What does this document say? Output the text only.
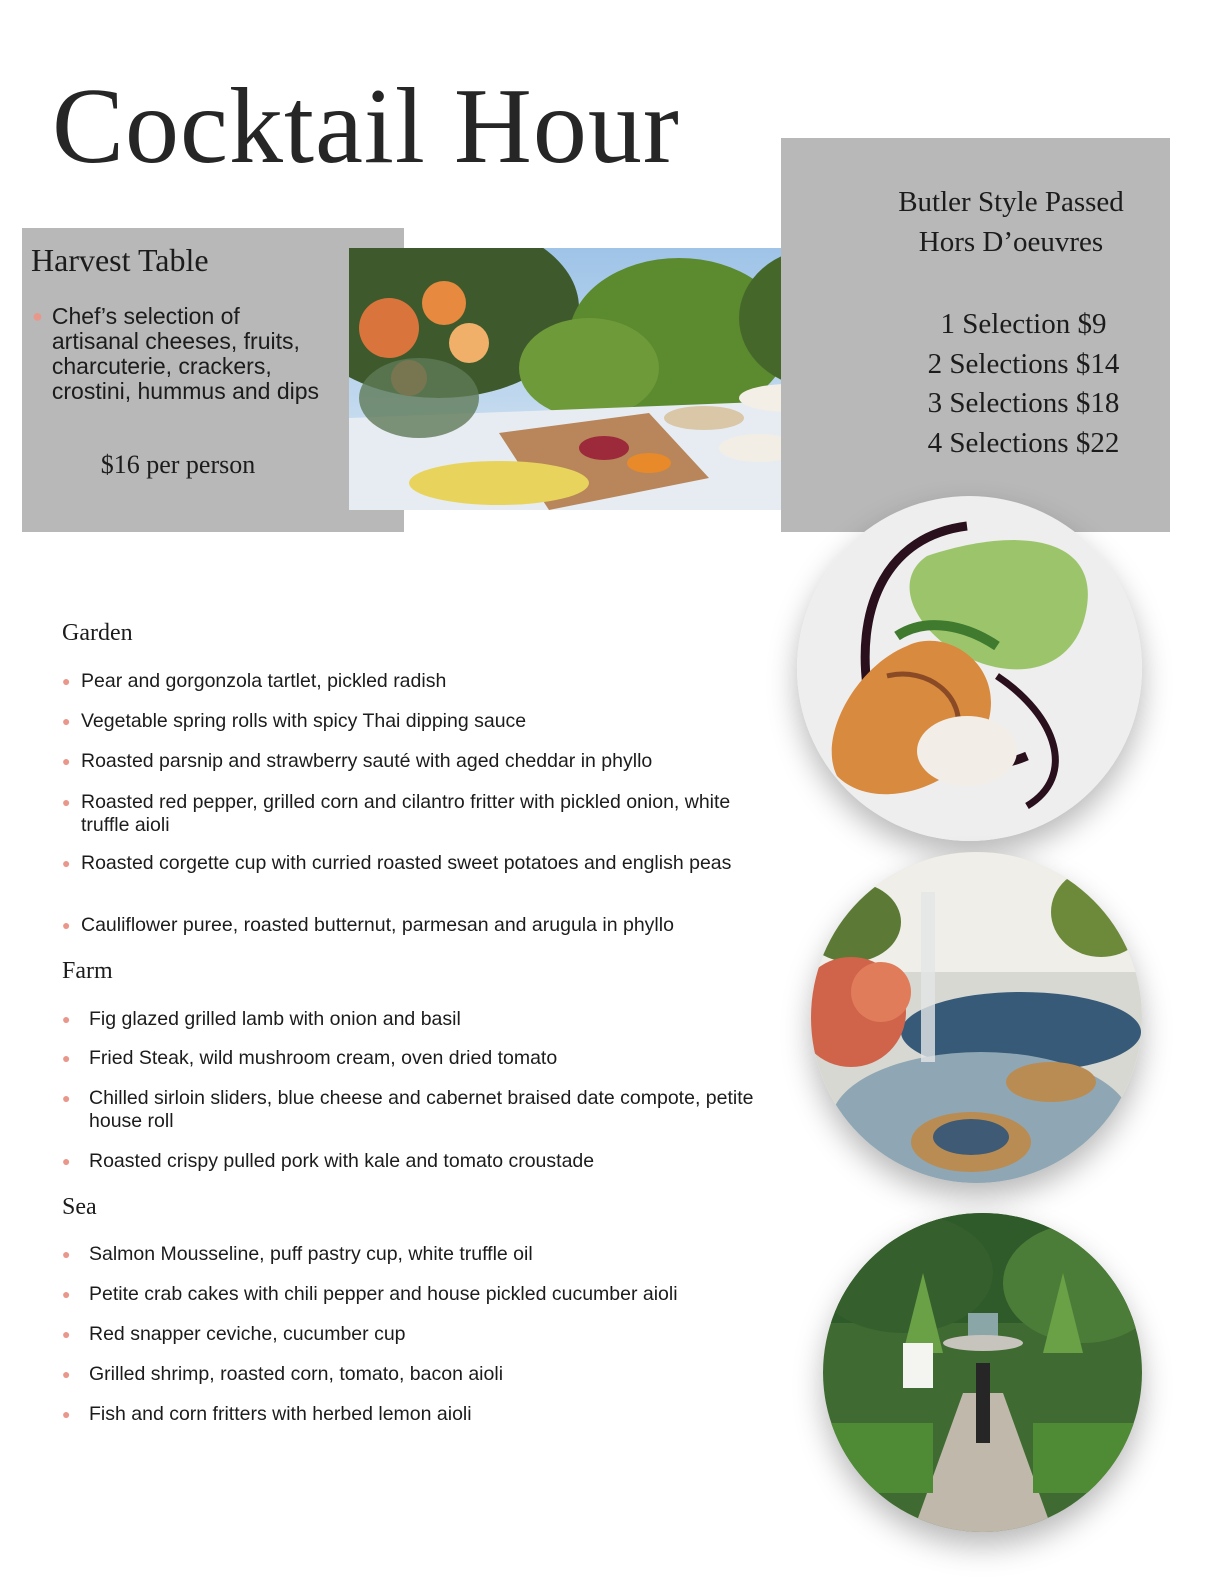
Cocktail Hour
Harvest Table
● Chef’s selection of artisanal cheeses, fruits, charcuterie, crackers, crostini, hummus and dips
$16 per person
Butler Style Passed
Hors D’oeuvres
1 Selection $9
2 Selections $14
3 Selections $18
4 Selections $22
Garden
● Pear and gorgonzola tartlet, pickled radish
● Vegetable spring rolls with spicy Thai dipping sauce
● Roasted parsnip and strawberry sauté with aged cheddar in phyllo
● Roasted red pepper, grilled corn and cilantro fritter with pickled onion, white truffle aioli
● Roasted corgette cup with curried roasted sweet potatoes and english peas
● Cauliflower puree, roasted butternut, parmesan and arugula in phyllo
Farm
● Fig glazed grilled lamb with onion and basil
● Fried Steak, wild mushroom cream, oven dried tomato
● Chilled sirloin sliders, blue cheese and cabernet braised date compote, petite house roll
● Roasted crispy pulled pork with kale and tomato croustade
Sea
● Salmon Mousseline, puff pastry cup, white truffle oil
● Petite crab cakes with chili pepper and house pickled cucumber aioli
● Red snapper ceviche, cucumber cup
● Grilled shrimp, roasted corn, tomato, bacon aioli
● Fish and corn fritters with herbed lemon aioli
